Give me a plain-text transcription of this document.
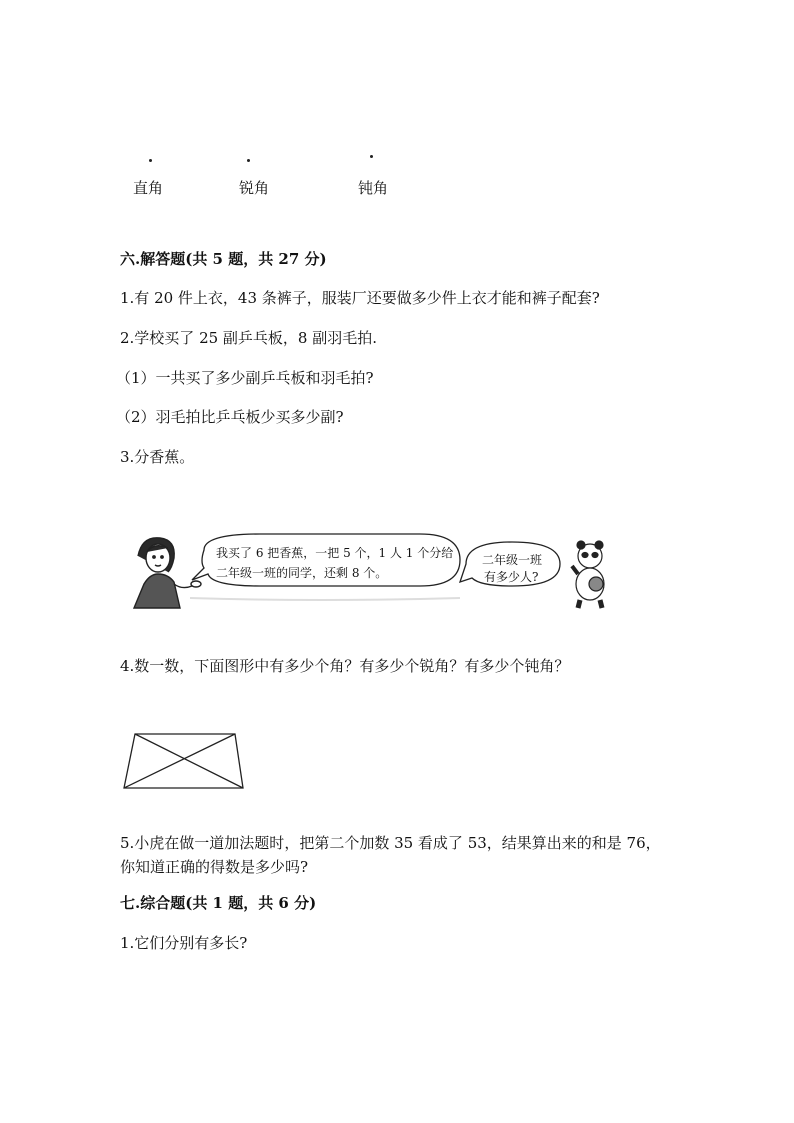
直角	锐角	钝角
六.解答题(共 5 题，共 27 分)
1.有 20 件上衣，43 条裤子，服装厂还要做多少件上衣才能和裤子配套?
2.学校买了 25 副乒乓板，8 副羽毛拍.
（1）一共买了多少副乒乓板和羽毛拍?
（2）羽毛拍比乒乓板少买多少副?
3.分香蕉。
我买了 6 把香蕉，一把 5 个，1 人 1 个分给
二年级一班的同学，还剩 8 个。
二年级一班
有多少人?
4.数一数，下面图形中有多少个角？有多少个锐角？有多少个钝角？
5.小虎在做一道加法题时，把第二个加数 35 看成了 53，结果算出来的和是 76，
你知道正确的得数是多少吗?
七.综合题(共 1 题，共 6 分)
1.它们分别有多长?
